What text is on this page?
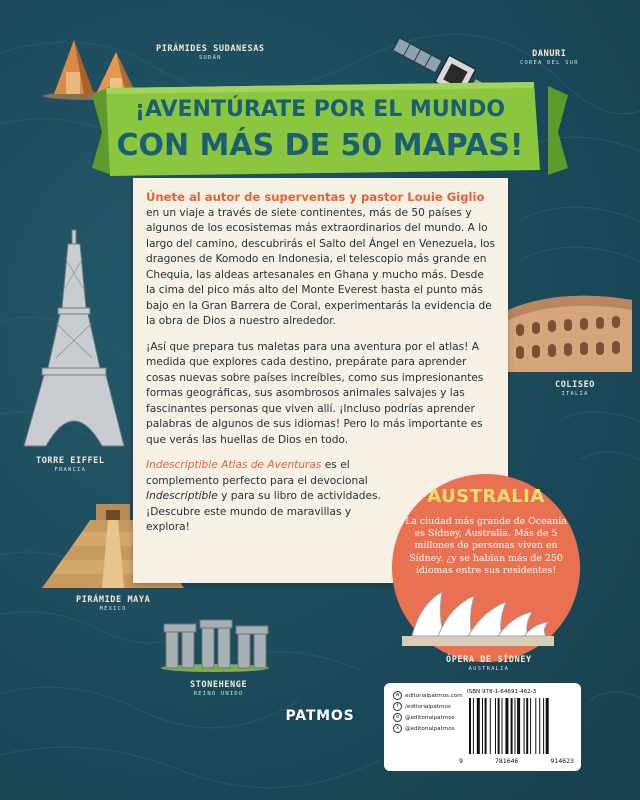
PIRÁMIDES SUDANESAS
SUDÁN	DANURI
COREA DEL SUR
¡AVENTÚRATE POR EL MUNDO
CON MÁS DE 50 MAPAS!
TORRE EIFFEL
FRANCIA
COLISEO
ITALIA
PIRÁMIDE MAYA
MÉXICO
STONEHENGE
REINO UNIDO

Únete al autor de superventas y pastor Louie Giglio
en un viaje a través de siete continentes, más de 50 países y algunos de los ecosistemas más extraordinarios del mundo. A lo largo del camino, descubrirás el Salto del Ángel en Venezuela, los dragones de Komodo en Indonesia, el telescopio más grande en Chequia, las aldeas artesanales en Ghana y mucho más. Desde la cima del pico más alto del Monte Everest hasta el punto más bajo en la Gran Barrera de Coral, experimentarás la evidencia de la obra de Dios a nuestro alrededor.

¡Así que prepara tus maletas para una aventura por el atlas! A medida que explores cada destino, prepárate para aprender cosas nuevas sobre países increíbles, como sus impresionantes formas geográficas, sus asombrosos animales salvajes y las fascinantes personas que viven allí. ¡Incluso podrías aprender palabras de algunos de sus idiomas! Pero lo más importante es que verás las huellas de Dios en todo.

Indescriptible Atlas de Aventuras es el complemento perfecto para el devocional Indescriptible y para su libro de actividades. ¡Descubre este mundo de maravillas y explora!

AUSTRALIA
La ciudad más grande de Oceanía es Sídney, Australia. Más de 5 millones de personas viven en Sídney. ¿y se hablan más de 250 idiomas entre sus residentes!
ÓPERA DE SÍDNEY
AUSTRALIA
PATMOS
w editorialpatmos.com
f	/editorialpatmos
o	@editorialpatmos
x	@editorialpatmos
ISBN 978-1-64691-462-3
9	781646	914623
